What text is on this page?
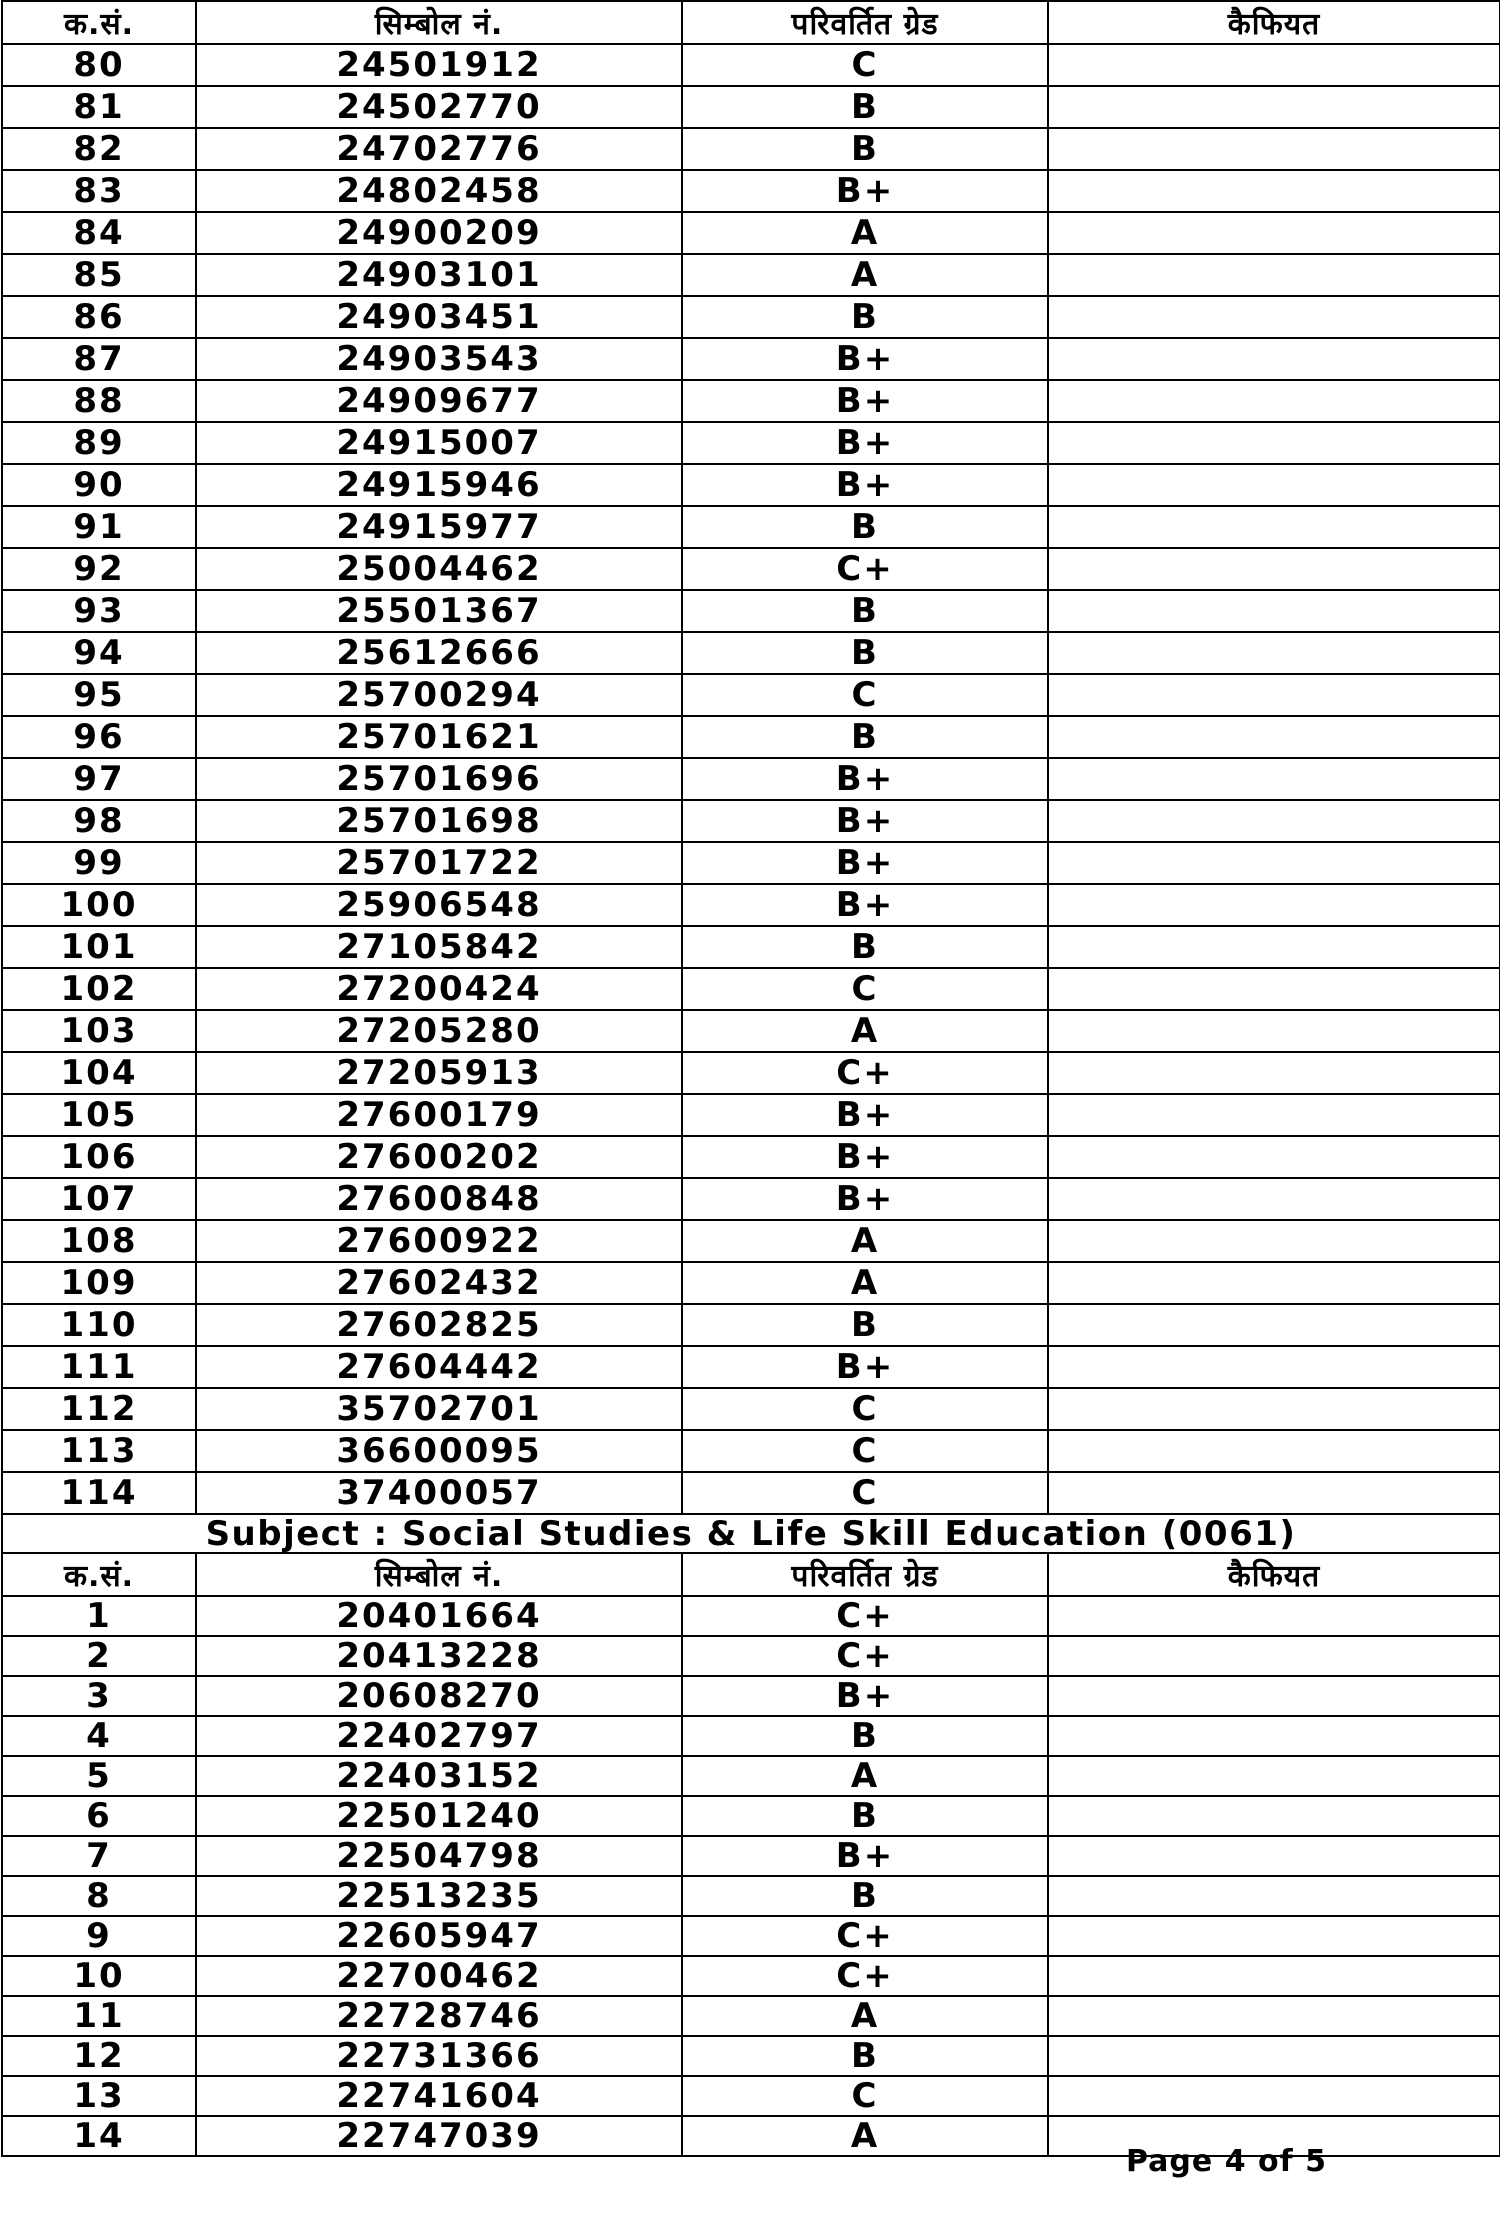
क.सं.	सिम्बोल नं.	परिवर्तित ग्रेड	कैफियत
80	24501912	C	
81	24502770	B	
82	24702776	B	
83	24802458	B+	
84	24900209	A	
85	24903101	A	
86	24903451	B	
87	24903543	B+	
88	24909677	B+	
89	24915007	B+	
90	24915946	B+	
91	24915977	B	
92	25004462	C+	
93	25501367	B	
94	25612666	B	
95	25700294	C	
96	25701621	B	
97	25701696	B+	
98	25701698	B+	
99	25701722	B+	
100	25906548	B+	
101	27105842	B	
102	27200424	C	
103	27205280	A	
104	27205913	C+	
105	27600179	B+	
106	27600202	B+	
107	27600848	B+	
108	27600922	A	
109	27602432	A	
110	27602825	B	
111	27604442	B+	
112	35702701	C	
113	36600095	C	
114	37400057	C	
Subject : Social Studies & Life Skill Education (0061)			
क.सं.	सिम्बोल नं.	परिवर्तित ग्रेड	कैफियत
1	20401664	C+	
2	20413228	C+	
3	20608270	B+	
4	22402797	B	
5	22403152	A	
6	22501240	B	
7	22504798	B+	
8	22513235	B	
9	22605947	C+	
10	22700462	C+	
11	22728746	A	
12	22731366	B	
13	22741604	C	
14	22747039	A	
Page 4 of 5
